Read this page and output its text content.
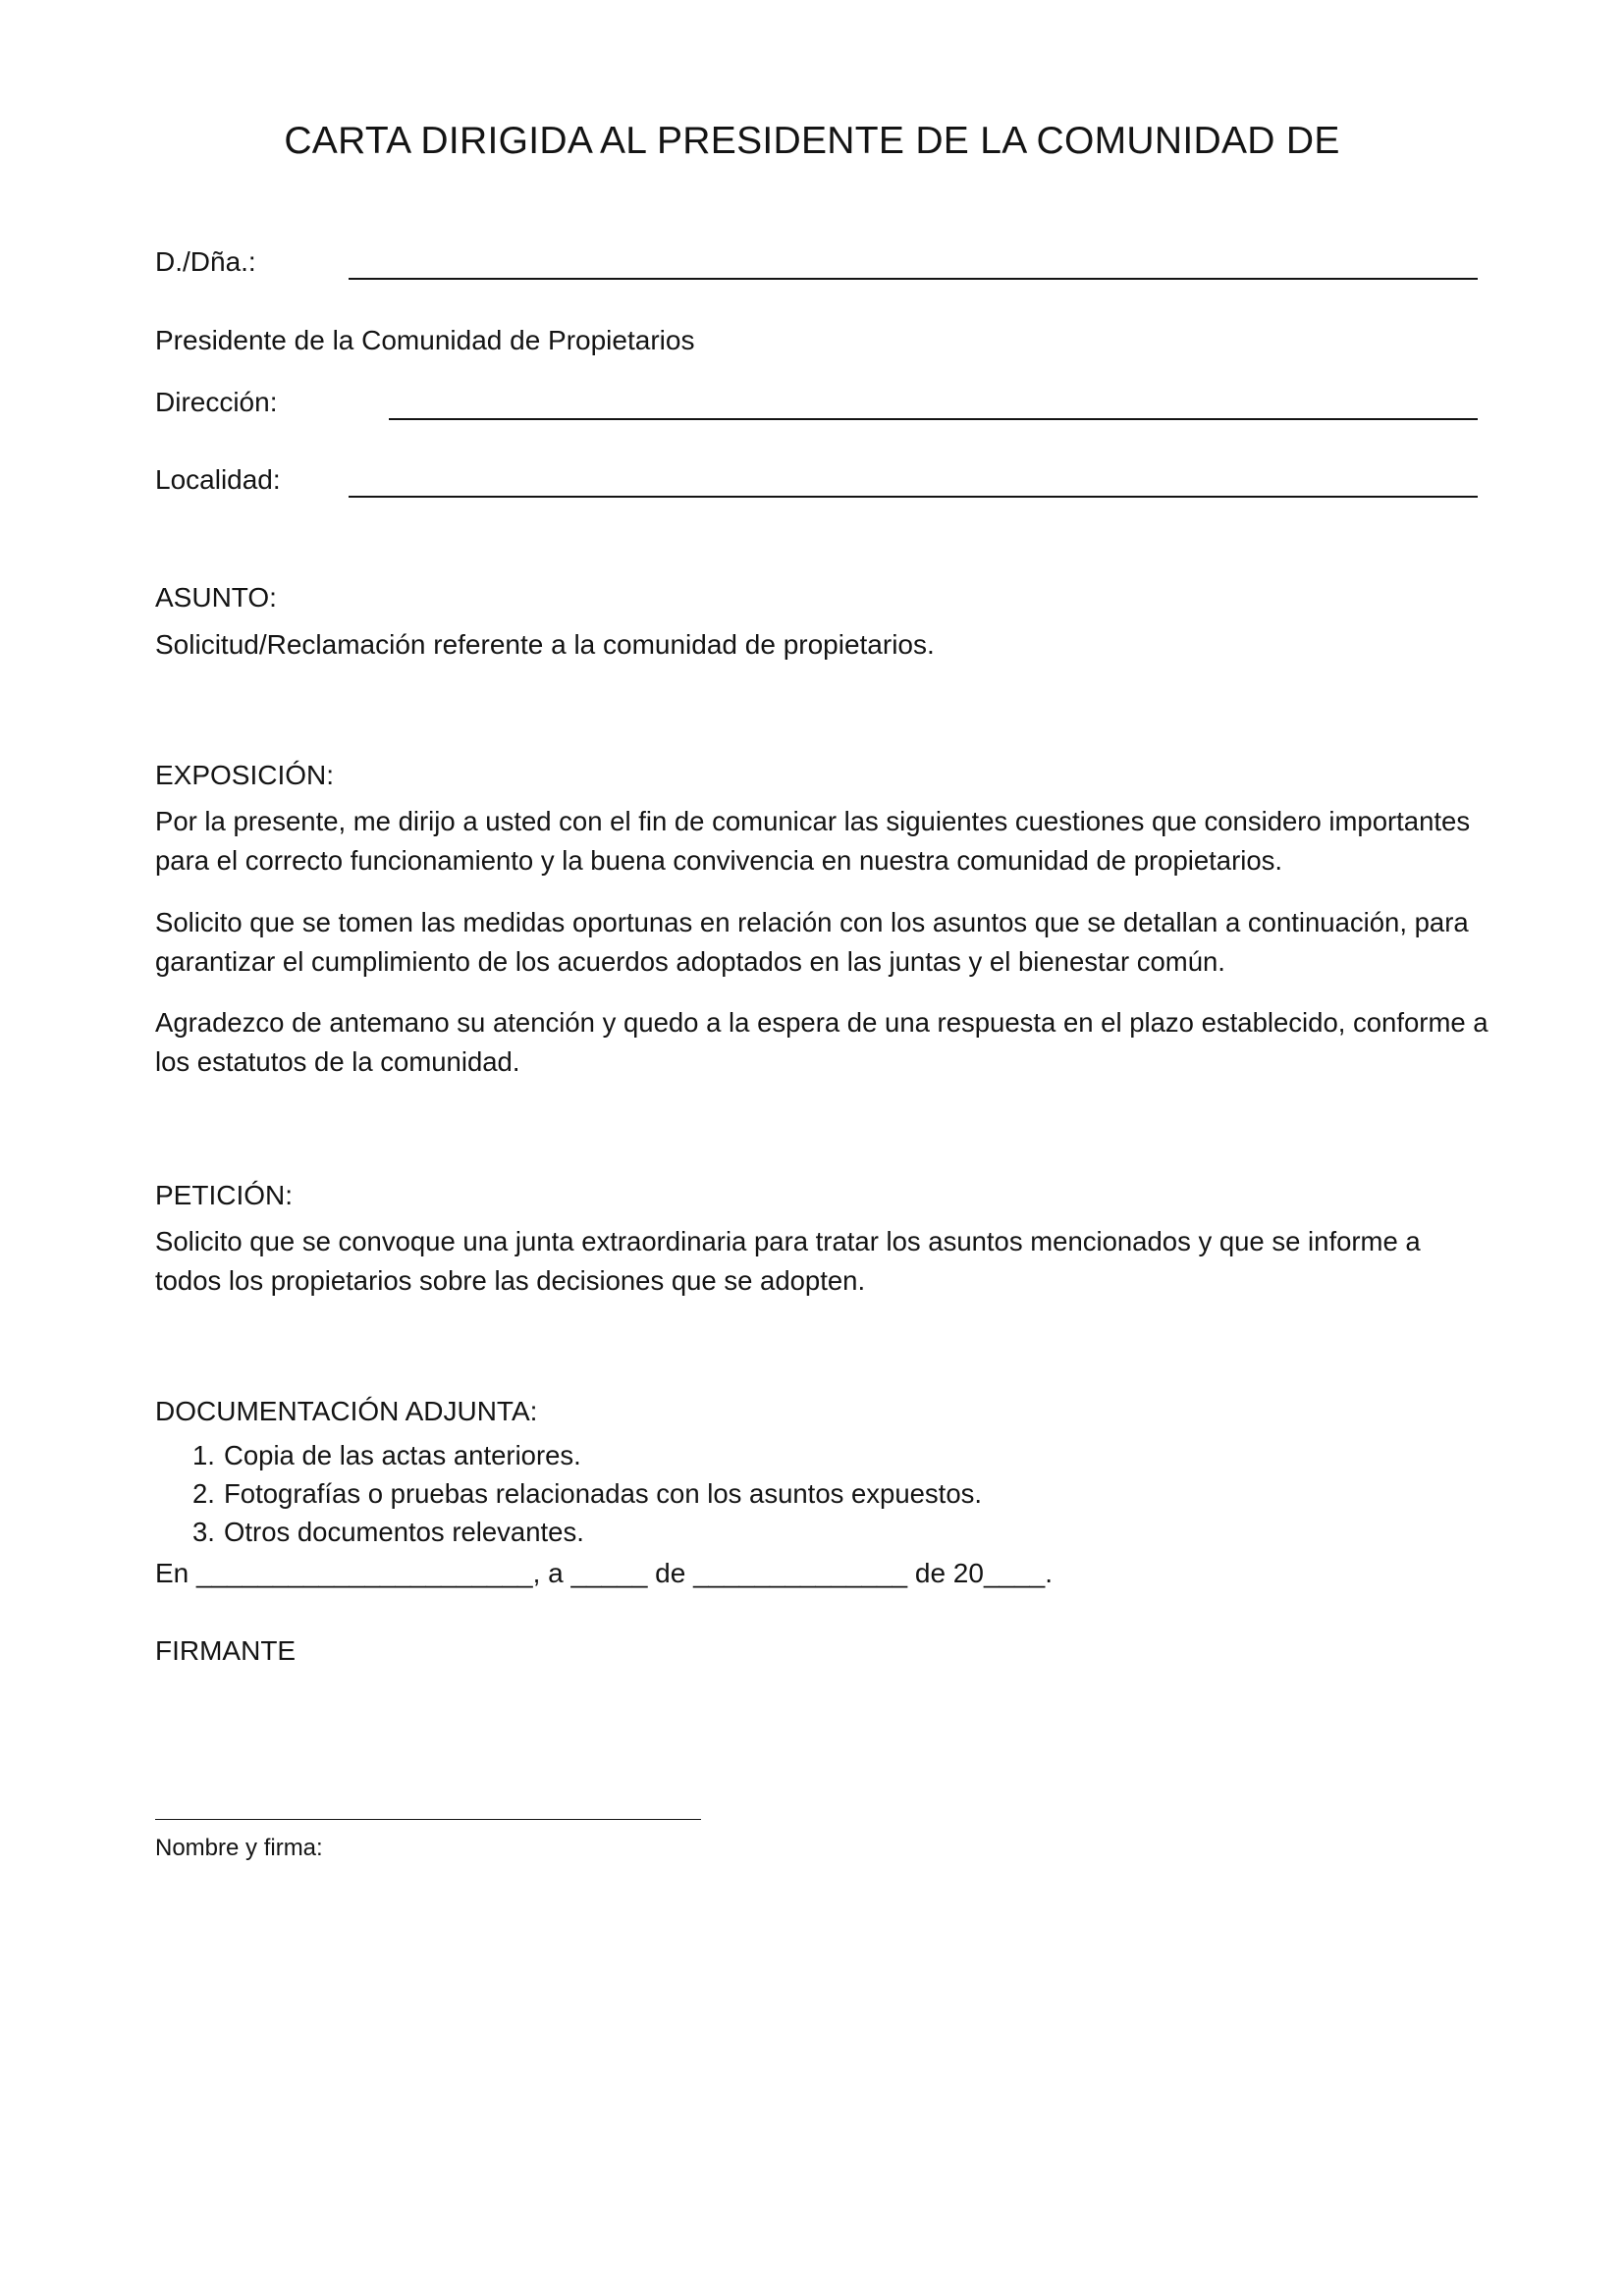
CARTA DIRIGIDA AL PRESIDENTE DE LA COMUNIDAD DE
D./Dña.:
Presidente de la Comunidad de Propietarios
Dirección:
Localidad:
ASUNTO:
Solicitud/Reclamación referente a la comunidad de propietarios.
EXPOSICIÓN:
Por la presente, me dirijo a usted con el fin de comunicar las siguientes cuestiones que considero importantes para el correcto funcionamiento y la buena convivencia en nuestra comunidad de propietarios.
Solicito que se tomen las medidas oportunas en relación con los asuntos que se detallan a continuación, para garantizar el cumplimiento de los acuerdos adoptados en las juntas y el bienestar común.
Agradezco de antemano su atención y quedo a la espera de una respuesta en el plazo establecido, conforme a los estatutos de la comunidad.
PETICIÓN:
Solicito que se convoque una junta extraordinaria para tratar los asuntos mencionados y que se informe a todos los propietarios sobre las decisiones que se adopten.
DOCUMENTACIÓN ADJUNTA:
1. Copia de las actas anteriores.
2. Fotografías o pruebas relacionadas con los asuntos expuestos.
3. Otros documentos relevantes.
En ______________________, a _____ de ______________ de 20____.
FIRMANTE
Nombre y firma:
